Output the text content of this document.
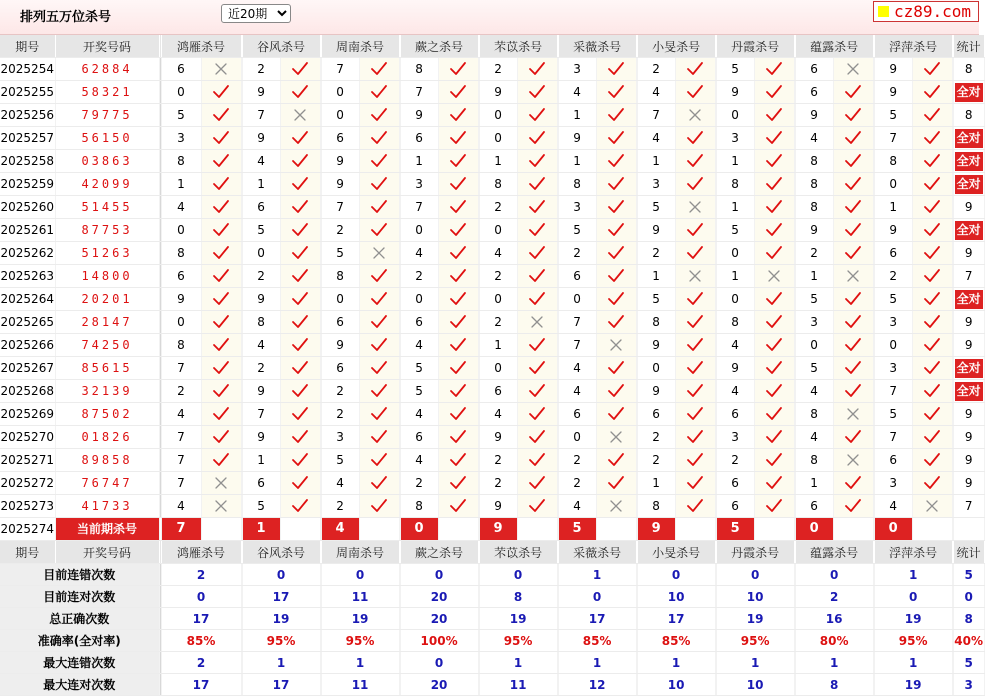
排列五万位杀号
近20期	cz89.com
期号	开奖号码		鸿雁杀号		谷风杀号		周南杀号		蕨之杀号		芣苡杀号		采薇杀号		小旻杀号		丹霞杀号		蕴露杀号		浮萍杀号		统计
2025254	62884		6			2			7			8			2			3			2			5			6			9			8
2025255	58321		0			9			0			7			9			4			4			9			6			9			全对
2025256	79775		5			7			0			9			0			1			7			0			9			5			8
2025257	56150		3			9			6			6			0			9			4			3			4			7			全对
2025258	03863		8			4			9			1			1			1			1			1			8			8			全对
2025259	42099		1			1			9			3			8			8			3			8			8			0			全对
2025260	51455		4			6			7			7			2			3			5			1			8			1			9
2025261	87753		0			5			2			0			0			5			9			5			9			9			全对
2025262	51263		8			0			5			4			4			2			2			0			2			6			9
2025263	14800		6			2			8			2			2			6			1			1			1			2			7
2025264	20201		9			9			0			0			0			0			5			0			5			5			全对
2025265	28147		0			8			6			6			2			7			8			8			3			3			9
2025266	74250		8			4			9			4			1			7			9			4			0			0			9
2025267	85615		7			2			6			5			0			4			0			9			5			3			全对
2025268	32139		2			9			2			5			6			4			9			4			4			7			全对
2025269	87502		4			7			2			4			4			6			6			6			8			5			9
2025270	01826		7			9			3			6			9			0			2			3			4			7			9
2025271	89858		7			1			5			4			2			2			2			2			8			6			9
2025272	76747		7			6			4			2			2			2			1			6			1			3			9
2025273	41733		4			5			2			8			9			4			8			6			6			4			7
2025274	当前期杀号		7			1			4			0			9			5			9			5			0			0		

期号	开奖号码		鸿雁杀号		谷风杀号		周南杀号		蕨之杀号		芣苡杀号		采薇杀号		小旻杀号		丹霞杀号		蕴露杀号		浮萍杀号		统计
目前连错次数			2		0		0		0		0		1		0		0		0		1		5
目前连对次数			0		17		11		20		8		0		10		10		2		0		0
总正确次数			17		19		19		20		19		17		17		19		16		19		8
准确率(全对率)			85%		95%		95%		100%		95%		85%		85%		95%		80%		95%		40%
最大连错次数			2		1		1		0		1		1		1		1		1		1		5
最大连对次数			17		17		11		20		11		12		10		10		8		19		3
